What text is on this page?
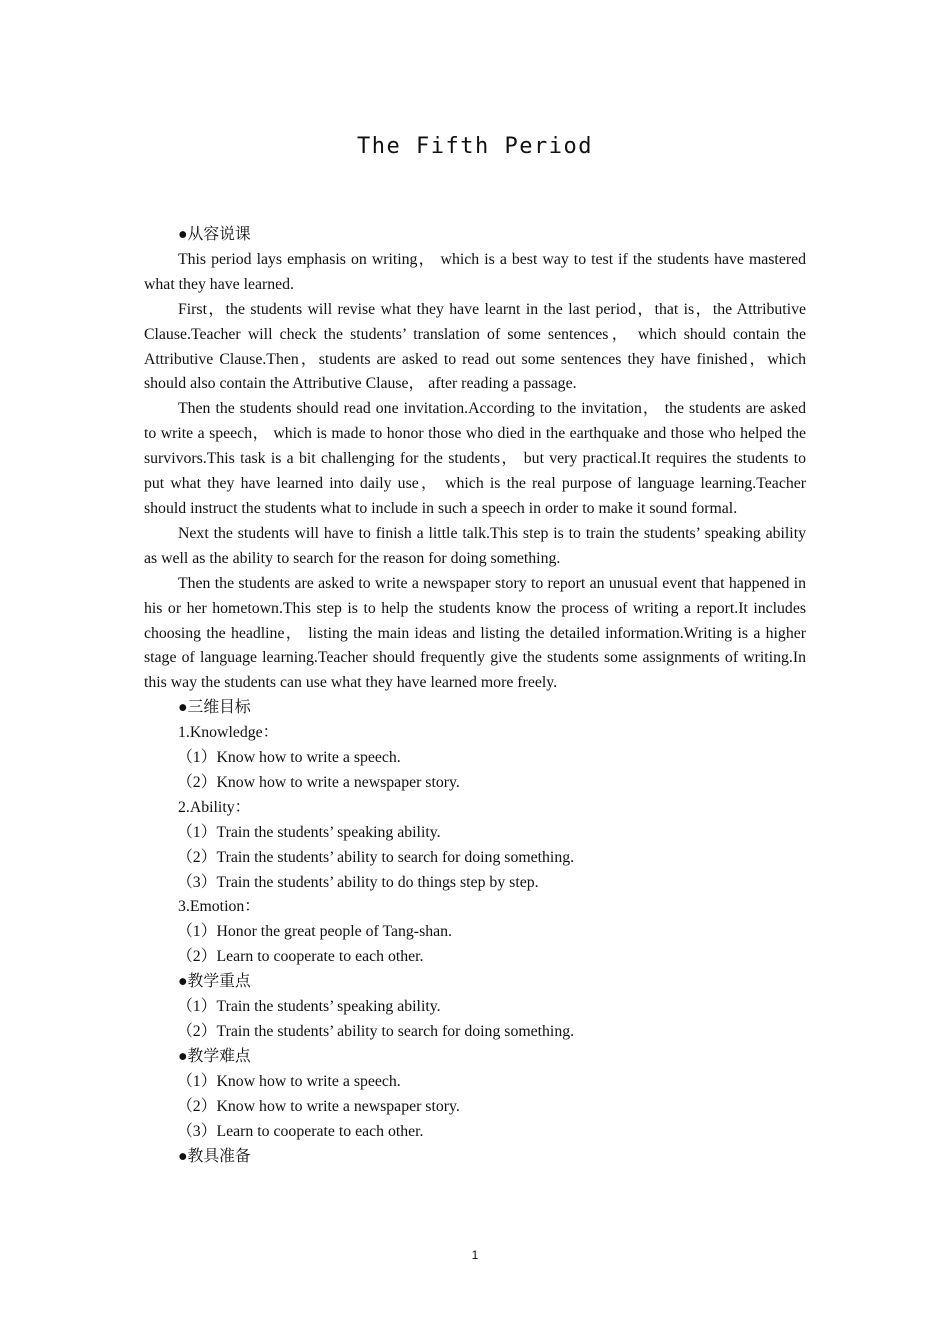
The Fifth Period

●从容说课

This period lays emphasis on writing， which is a best way to test if the students have mastered what they have learned.

First，the students will revise what they have learnt in the last period，that is，the Attributive Clause.Teacher will check the students’ translation of some sentences， which should contain the Attributive Clause.Then，students are asked to read out some sentences they have finished，which should also contain the Attributive Clause， after reading a passage.

Then the students should read one invitation.According to the invitation， the students are asked to write a speech， which is made to honor those who died in the earthquake and those who helped the survivors.This task is a bit challenging for the students， but very practical.It requires the students to put what they have learned into daily use， which is the real purpose of language learning.Teacher should instruct the students what to include in such a speech in order to make it sound formal.

Next the students will have to finish a little talk.This step is to train the students’ speaking ability as well as the ability to search for the reason for doing something.

Then the students are asked to write a newspaper story to report an unusual event that happened in his or her hometown.This step is to help the students know the process of writing a report.It includes choosing the headline， listing the main ideas and listing the detailed information.Writing is a higher stage of language learning.Teacher should frequently give the students some assignments of writing.In this way the students can use what they have learned more freely.

●三维目标

1.Knowledge：

（1）Know how to write a speech.

（2）Know how to write a newspaper story.

2.Ability：

（1）Train the students’ speaking ability.

（2）Train the students’ ability to search for doing something.

（3）Train the students’ ability to do things step by step.

3.Emotion：

（1）Honor the great people of Tang-shan.

（2）Learn to cooperate to each other.

●教学重点

（1）Train the students’ speaking ability.

（2）Train the students’ ability to search for doing something.

●教学难点

（1）Know how to write a speech.

（2）Know how to write a newspaper story.

（3）Learn to cooperate to each other.

●教具准备

1
